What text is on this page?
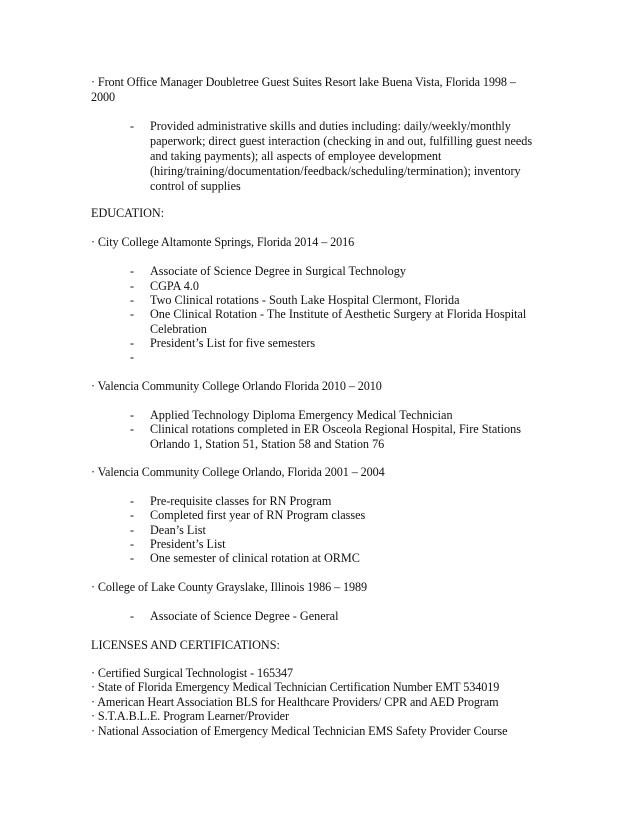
· Front Office Manager Doubletree Guest Suites Resort lake Buena Vista, Florida 1998 –
2000
- Provided administrative skills and duties including: daily/weekly/monthly paperwork; direct guest interaction (checking in and out, fulfilling guest needs and taking payments); all aspects of employee development (hiring/training/documentation/feedback/scheduling/termination); inventory control of supplies
EDUCATION:
· City College Altamonte Springs, Florida 2014 – 2016
- Associate of Science Degree in Surgical Technology
- CGPA 4.0
- Two Clinical rotations - South Lake Hospital Clermont, Florida
- One Clinical Rotation - The Institute of Aesthetic Surgery at Florida Hospital Celebration
- President’s List for five semesters
-
· Valencia Community College Orlando Florida 2010 – 2010
- Applied Technology Diploma Emergency Medical Technician
- Clinical rotations completed in ER Osceola Regional Hospital, Fire Stations Orlando 1, Station 51, Station 58 and Station 76
· Valencia Community College Orlando, Florida 2001 – 2004
- Pre-requisite classes for RN Program
- Completed first year of RN Program classes
- Dean’s List
- President’s List
- One semester of clinical rotation at ORMC
· College of Lake County Grayslake, Illinois 1986 – 1989
- Associate of Science Degree - General
LICENSES AND CERTIFICATIONS:
· Certified Surgical Technologist - 165347
· State of Florida Emergency Medical Technician Certification Number EMT 534019
· American Heart Association BLS for Healthcare Providers/ CPR and AED Program
· S.T.A.B.L.E. Program Learner/Provider
· National Association of Emergency Medical Technician EMS Safety Provider Course
